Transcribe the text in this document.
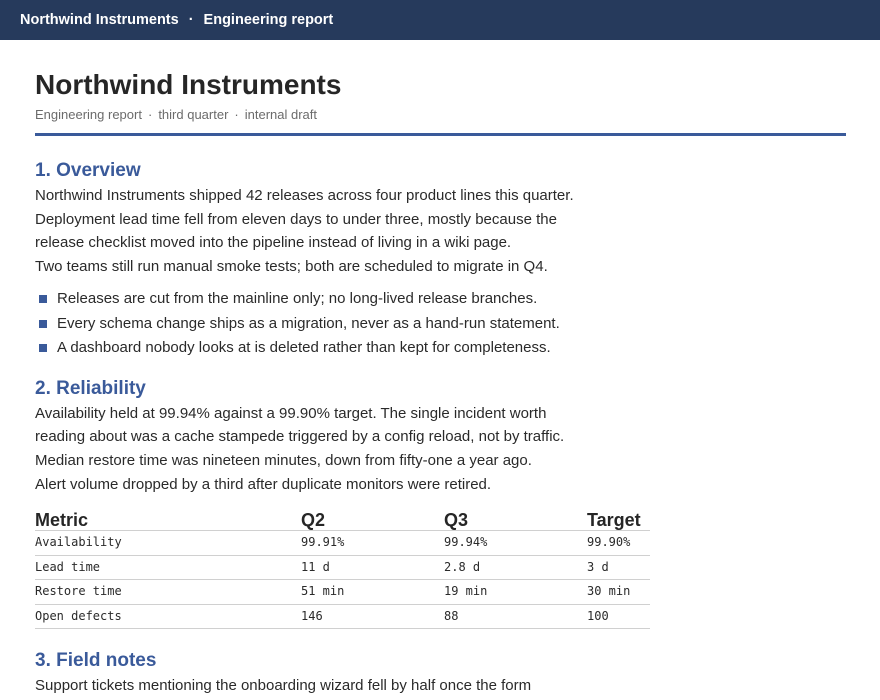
Northwind Instruments · Engineering report
Northwind Instruments
Engineering report · third quarter · internal draft
1. Overview

Northwind Instruments shipped 42 releases across four product lines this quarter.
Deployment lead time fell from eleven days to under three, mostly because the
release checklist moved into the pipeline instead of living in a wiki page.
Two teams still run manual smoke tests; both are scheduled to migrate in Q4.

Releases are cut from the mainline only; no long-lived release branches.
Every schema change ships as a migration, never as a hand-run statement.
A dashboard nobody looks at is deleted rather than kept for completeness.
2. Reliability

Availability held at 99.94% against a 99.90% target. The single incident worth
reading about was a cache stampede triggered by a config reload, not by traffic.
Median restore time was nineteen minutes, down from fifty-one a year ago.
Alert volume dropped by a third after duplicate monitors were retired.

Metric	Q2	Q3	Target
Availability	99.91%	99.94%	99.90%
Lead time	11 d	2.8 d	3 d
Restore time	51 min	19 min	30 min
Open defects	146	88	100
3. Field notes

Support tickets mentioning the onboarding wizard fell by half once the form
